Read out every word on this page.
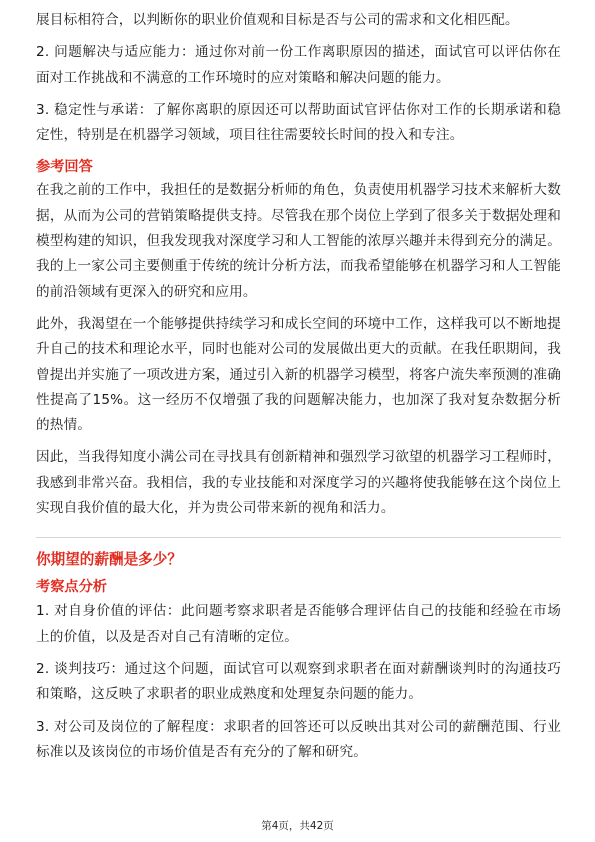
展目标相符合，以判断你的职业价值观和目标是否与公司的需求和文化相匹配。

2. 问题解决与适应能力：通过你对前一份工作离职原因的描述，面试官可以评估你在面对工作挑战和不满意的工作环境时的应对策略和解决问题的能力。

3. 稳定性与承诺：了解你离职的原因还可以帮助面试官评估你对工作的长期承诺和稳定性，特别是在机器学习领域，项目往往需要较长时间的投入和专注。

参考回答

在我之前的工作中，我担任的是数据分析师的角色，负责使用机器学习技术来解析大数据，从而为公司的营销策略提供支持。尽管我在那个岗位上学到了很多关于数据处理和模型构建的知识，但我发现我对深度学习和人工智能的浓厚兴趣并未得到充分的满足。我的上一家公司主要侧重于传统的统计分析方法，而我希望能够在机器学习和人工智能的前沿领域有更深入的研究和应用。

此外，我渴望在一个能够提供持续学习和成长空间的环境中工作，这样我可以不断地提升自己的技术和理论水平，同时也能对公司的发展做出更大的贡献。在我任职期间，我曾提出并实施了一项改进方案，通过引入新的机器学习模型，将客户流失率预测的准确性提高了15%。这一经历不仅增强了我的问题解决能力，也加深了我对复杂数据分析的热情。

因此，当我得知度小满公司在寻找具有创新精神和强烈学习欲望的机器学习工程师时，我感到非常兴奋。我相信，我的专业技能和对深度学习的兴趣将使我能够在这个岗位上实现自我价值的最大化，并为贵公司带来新的视角和活力。

你期望的薪酬是多少？
考察点分析

1. 对自身价值的评估：此问题考察求职者是否能够合理评估自己的技能和经验在市场上的价值，以及是否对自己有清晰的定位。

2. 谈判技巧：通过这个问题，面试官可以观察到求职者在面对薪酬谈判时的沟通技巧和策略，这反映了求职者的职业成熟度和处理复杂问题的能力。

3. 对公司及岗位的了解程度：求职者的回答还可以反映出其对公司的薪酬范围、行业标准以及该岗位的市场价值是否有充分的了解和研究。

第4页，共42页
